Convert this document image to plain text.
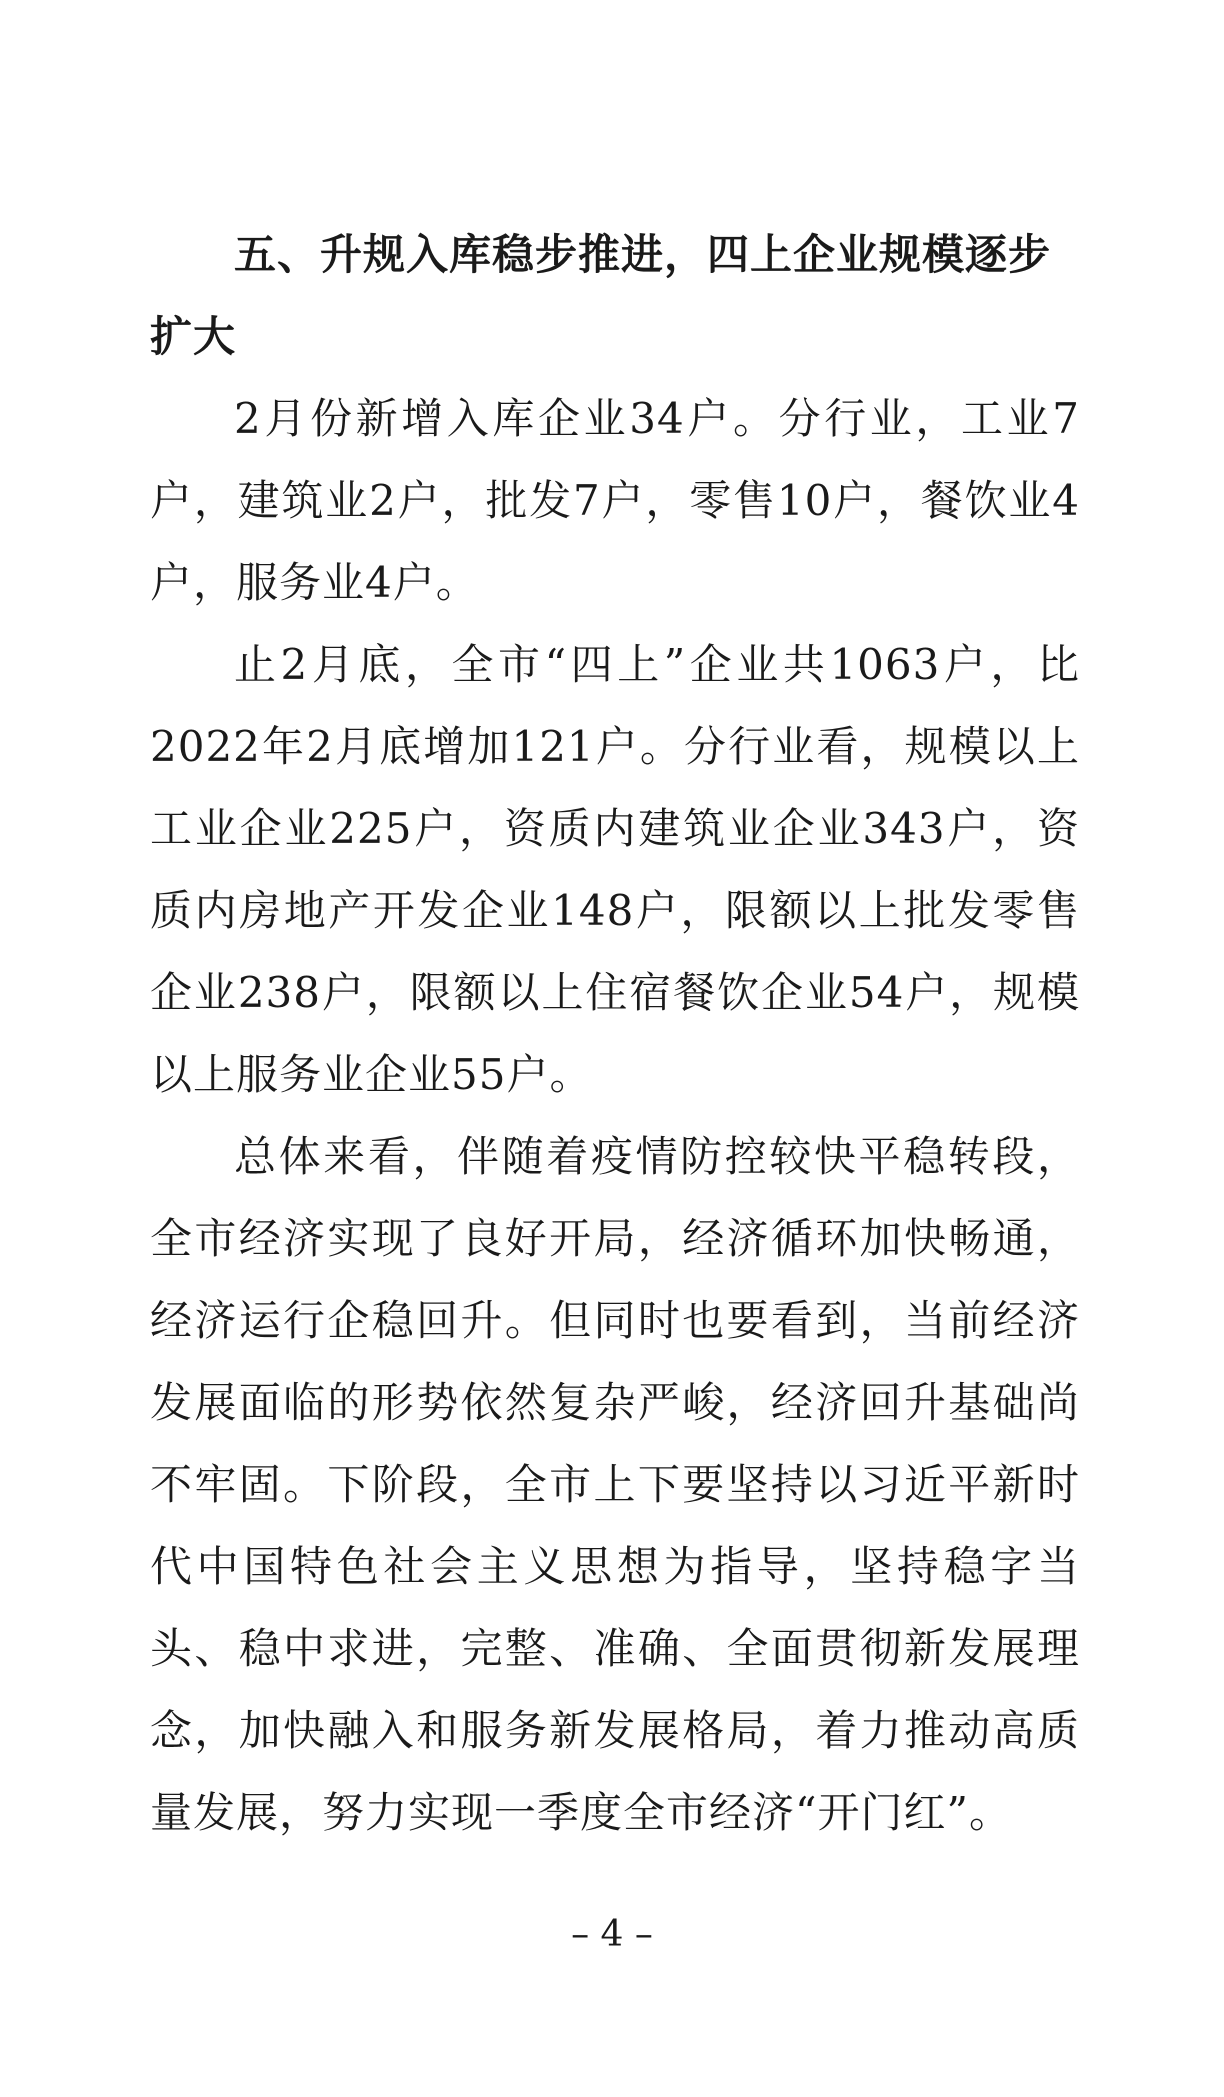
五、升规入库稳步推进，四上企业规模逐步扩大

2月份新增入库企业34户。分行业，工业7户，建筑业2户，批发7户，零售10户，餐饮业4户，服务业4户。

止2月底，全市“四上”企业共1063户，比2022年2月底增加121户。分行业看，规模以上工业企业225户，资质内建筑业企业343户，资质内房地产开发企业148户，限额以上批发零售企业238户，限额以上住宿餐饮企业54户，规模以上服务业企业55户。

总体来看，伴随着疫情防控较快平稳转段，全市经济实现了良好开局，经济循环加快畅通，经济运行企稳回升。但同时也要看到，当前经济发展面临的形势依然复杂严峻，经济回升基础尚不牢固。下阶段，全市上下要坚持以习近平新时代中国特色社会主义思想为指导，坚持稳字当头、稳中求进，完整、准确、全面贯彻新发展理念，加快融入和服务新发展格局，着力推动高质量发展，努力实现一季度全市经济“开门红”。

– 4 –
